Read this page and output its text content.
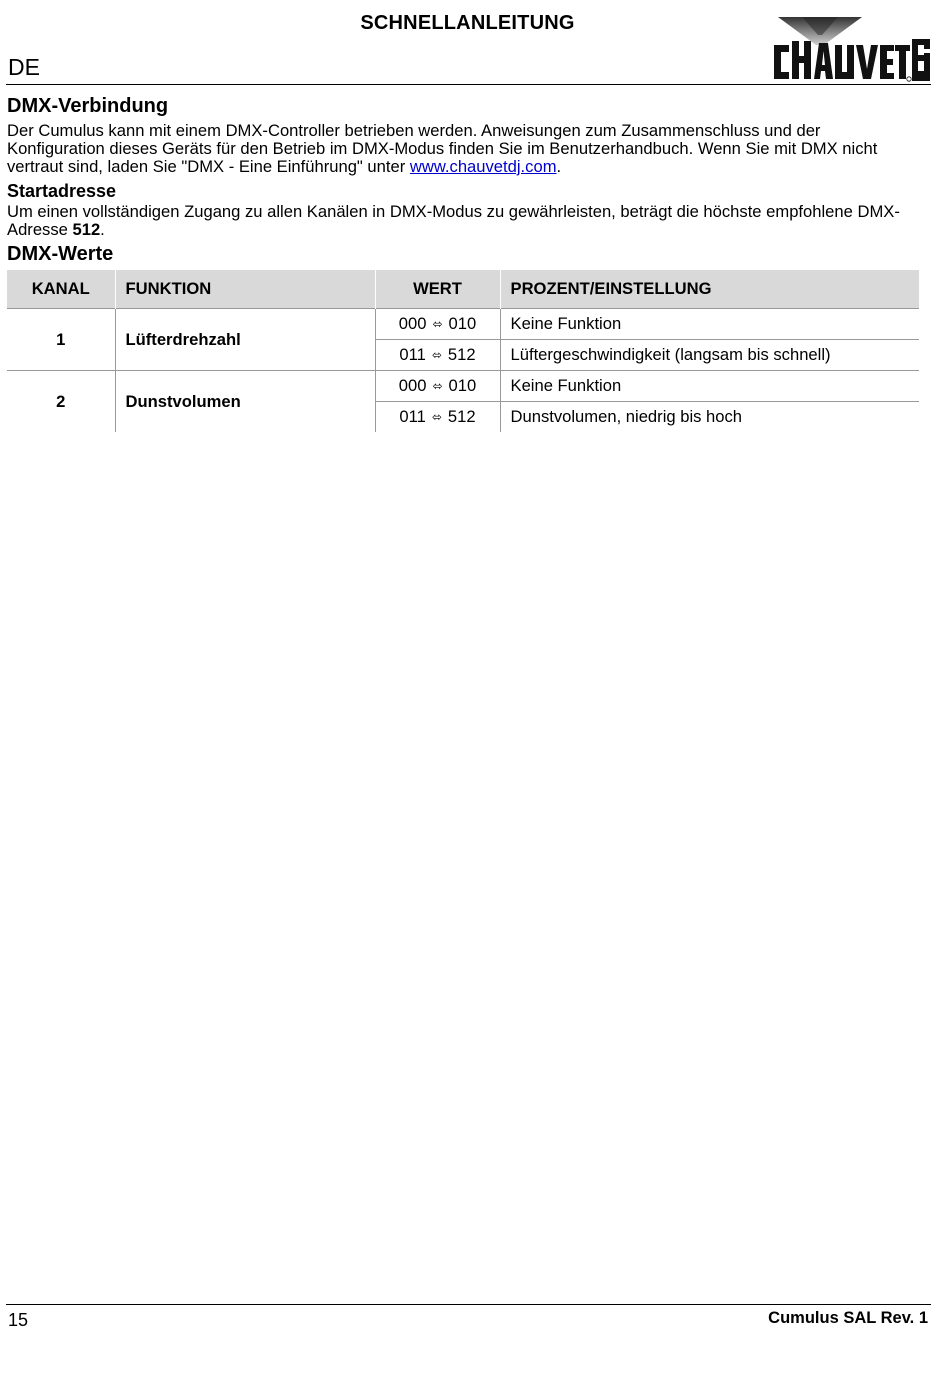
SCHNELLANLEITUNG
DE
DMX-Verbindung

Der Cumulus kann mit einem DMX-Controller betrieben werden. Anweisungen zum Zusammenschluss und der Konfiguration dieses Geräts für den Betrieb im DMX-Modus finden Sie im Benutzerhandbuch. Wenn Sie mit DMX nicht vertraut sind, laden Sie "DMX - Eine Einführung" unter www.chauvetdj.com.

Startadresse

Um einen vollständigen Zugang zu allen Kanälen in DMX-Modus zu gewährleisten, beträgt die höchste empfohlene DMX-Adresse 512.

DMX-Werte
KANAL	FUNKTION	WERT	PROZENT/EINSTELLUNG
1	Lüfterdrehzahl	000 ⬄ 010	Keine Funktion
		011 ⬄ 512	Lüftergeschwindigkeit (langsam bis schnell)
2	Dunstvolumen	000 ⬄ 010	Keine Funktion
		011 ⬄ 512	Dunstvolumen, niedrig bis hoch
15	Cumulus SAL Rev. 1
